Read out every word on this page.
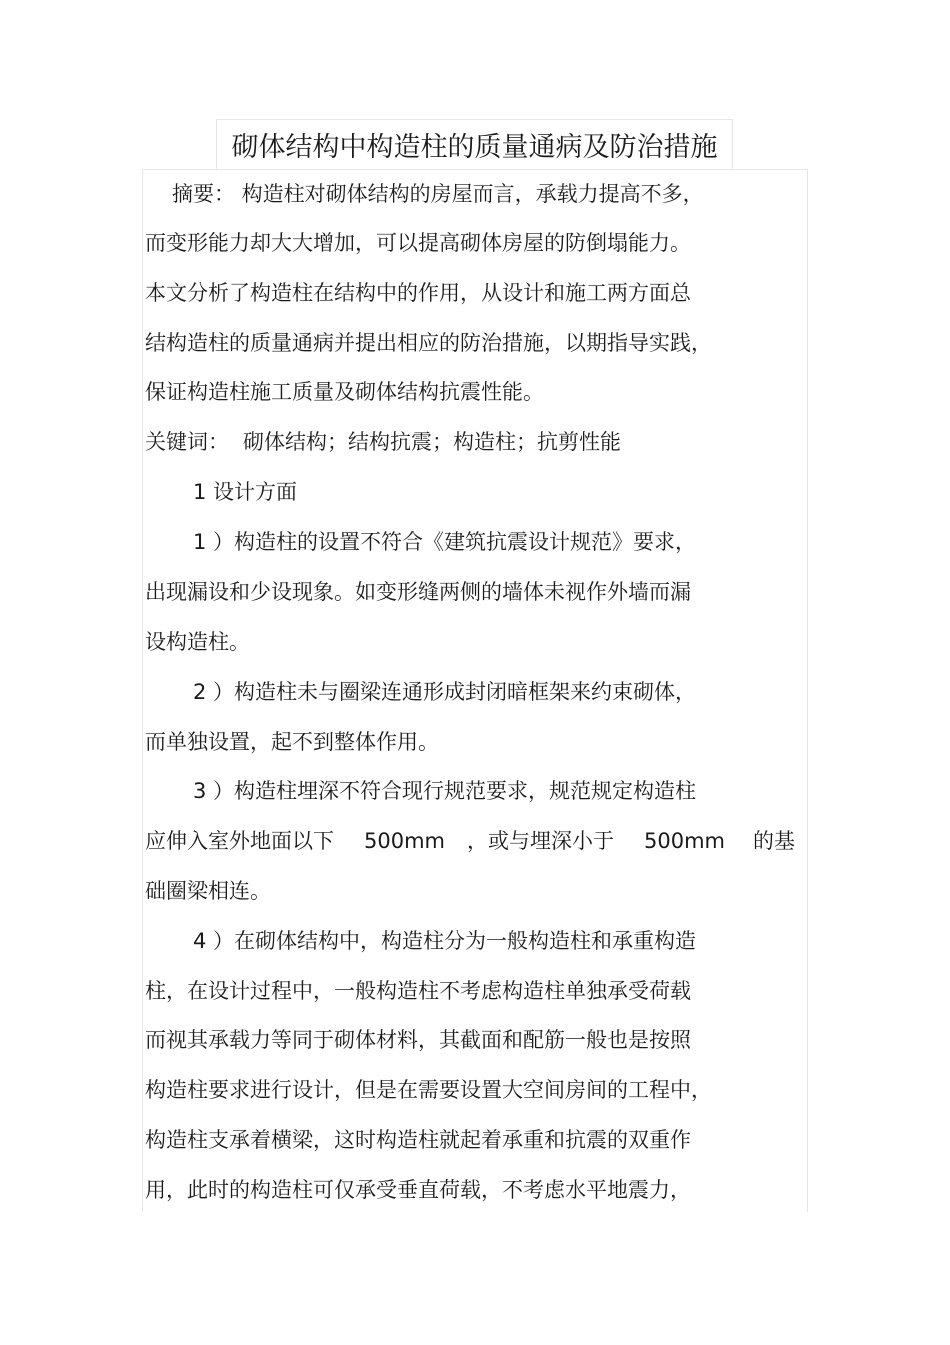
砌体结构中构造柱的质量通病及防治措施

摘要： 构造柱对砌体结构的房屋而言，承载力提高不多，

而变形能力却大大增加，可以提高砌体房屋的防倒塌能力。

本文分析了构造柱在结构中的作用，从设计和施工两方面总

结构造柱的质量通病并提出相应的防治措施，以期指导实践，

保证构造柱施工质量及砌体结构抗震性能。

关键词： 砌体结构；结构抗震；构造柱；抗剪性能

1 设计方面

1 ）构造柱的设置不符合《建筑抗震设计规范》要求，

出现漏设和少设现象。如变形缝两侧的墙体未视作外墙而漏

设构造柱。

2 ）构造柱未与圈梁连通形成封闭暗框架来约束砌体，

而单独设置，起不到整体作用。

3 ）构造柱埋深不符合现行规范要求，规范规定构造柱

应伸入室外地面以下 500mm ，或与埋深小于 500mm 的基

础圈梁相连。

4 ）在砌体结构中，构造柱分为一般构造柱和承重构造

柱，在设计过程中，一般构造柱不考虑构造柱单独承受荷载

而视其承载力等同于砌体材料，其截面和配筋一般也是按照

构造柱要求进行设计，但是在需要设置大空间房间的工程中，

构造柱支承着横梁，这时构造柱就起着承重和抗震的双重作

用，此时的构造柱可仅承受垂直荷载，不考虑水平地震力，
